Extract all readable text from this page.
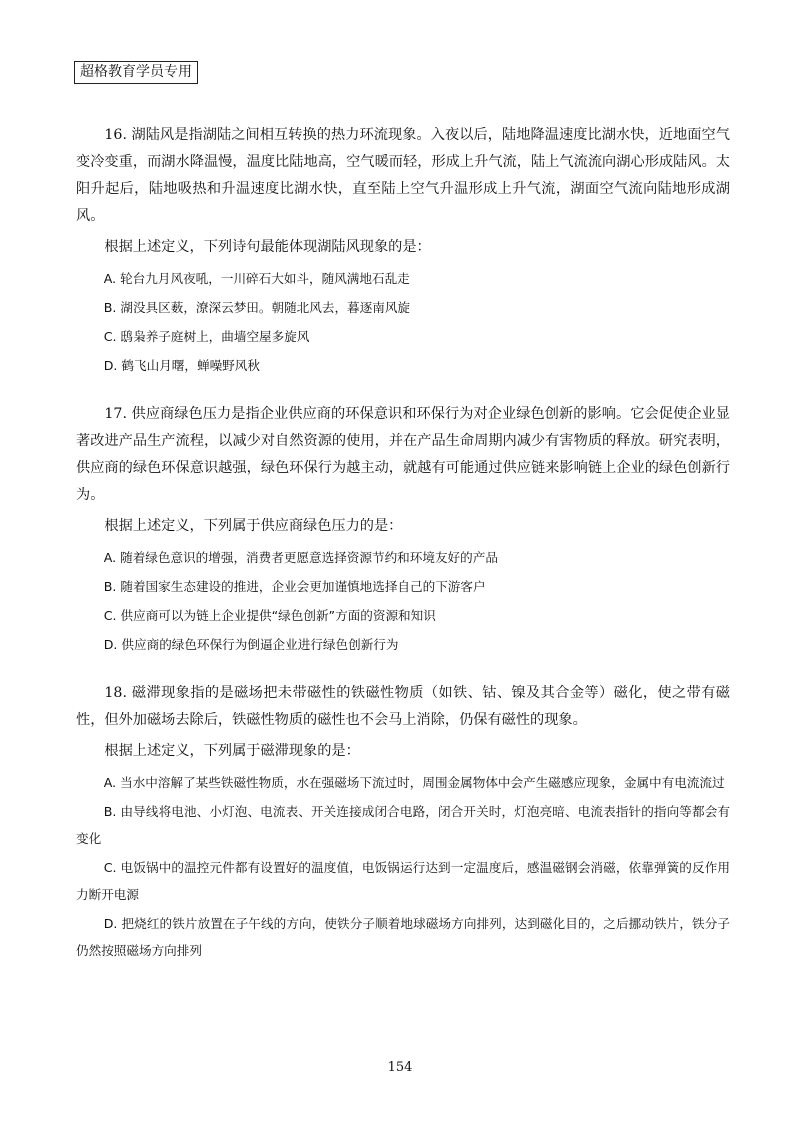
超格教育学员专用

16. 湖陆风是指湖陆之间相互转换的热力环流现象。入夜以后，陆地降温速度比湖水快，近地面空气变冷变重，而湖水降温慢，温度比陆地高，空气暖而轻，形成上升气流，陆上气流流向湖心形成陆风。太阳升起后，陆地吸热和升温速度比湖水快，直至陆上空气升温形成上升气流，湖面空气流向陆地形成湖风。

根据上述定义，下列诗句最能体现湖陆风现象的是：

A. 轮台九月风夜吼，一川碎石大如斗，随风满地石乱走
B. 湖没具区薮，潦深云梦田。朝随北风去，暮逐南风旋
C. 鸱枭养子庭树上，曲墙空屋多旋风
D. 鹤飞山月曙，蝉噪野风秋

17. 供应商绿色压力是指企业供应商的环保意识和环保行为对企业绿色创新的影响。它会促使企业显著改进产品生产流程，以减少对自然资源的使用，并在产品生命周期内减少有害物质的释放。研究表明，供应商的绿色环保意识越强，绿色环保行为越主动，就越有可能通过供应链来影响链上企业的绿色创新行为。

根据上述定义，下列属于供应商绿色压力的是：

A. 随着绿色意识的增强，消费者更愿意选择资源节约和环境友好的产品
B. 随着国家生态建设的推进，企业会更加谨慎地选择自己的下游客户
C. 供应商可以为链上企业提供“绿色创新”方面的资源和知识
D. 供应商的绿色环保行为倒逼企业进行绿色创新行为

18. 磁滞现象指的是磁场把未带磁性的铁磁性物质（如铁、钴、镍及其合金等）磁化，使之带有磁性，但外加磁场去除后，铁磁性物质的磁性也不会马上消除，仍保有磁性的现象。

根据上述定义，下列属于磁滞现象的是：

A. 当水中溶解了某些铁磁性物质，水在强磁场下流过时，周围金属物体中会产生磁感应现象，金属中有电流流过
B. 由导线将电池、小灯泡、电流表、开关连接成闭合电路，闭合开关时，灯泡亮暗、电流表指针的指向等都会有变化
C. 电饭锅中的温控元件都有设置好的温度值，电饭锅运行达到一定温度后，感温磁钢会消磁，依靠弹簧的反作用力断开电源
D. 把烧红的铁片放置在子午线的方向，使铁分子顺着地球磁场方向排列，达到磁化目的，之后挪动铁片，铁分子仍然按照磁场方向排列
154
